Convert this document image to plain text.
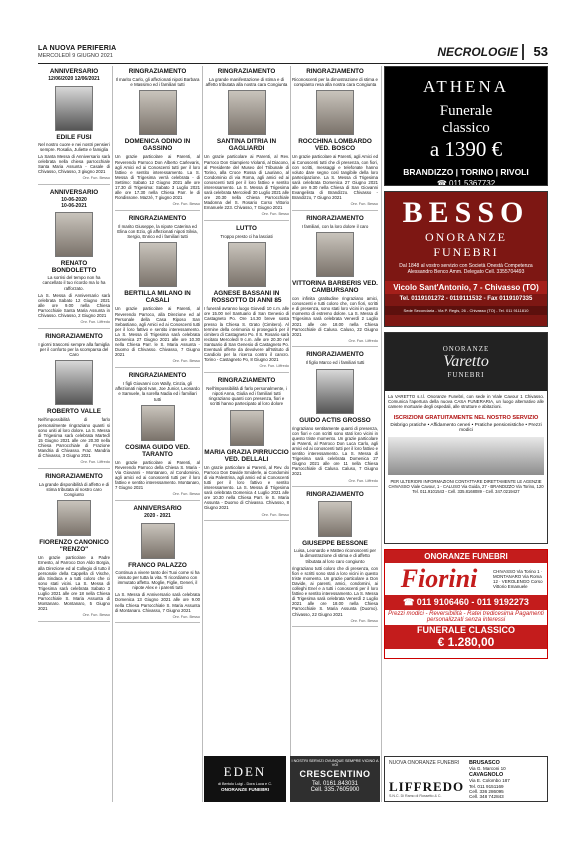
LA NUOVA PERIFERIA
MERCOLEDÌ 9 GIUGNO 2021	NECROLOGIE 53
ANNIVERSARIO
12/06/2020 12/06/2021
EDILE FUSI
Nel nostro cuore e nei nostri pensieri sempre. Rosalia, Juliette e famiglia
La Santa Messa di Anniversario sarà celebrata nella chiesa parrocchiale Santa Maria Assunta - Casale di Chivasso, Chivasso, 3 giugno 2021
Onr. Fun. Besso
ANNIVERSARIO
10-06-2020
10-06-2021
RENATO BONDOLETTO
La sorrisi del tempo non ha cancellato il tuo ricordo ma lo ha rafforzato.
La S. Messa di Anniversario sarà celebrata Sabato 12 Giugno 2021 alle ore 9.00 nella Chiesa Parrocchiale Santa Maria Assunta in Chivasso. Chivasso, 2 Giugno 2021
Onr. Fun. Liffredo
RINGRAZIAMENTO
I giorni trascorsi sempre alla famiglia per il conforto per la scomparsa del Caro
ROBERTO VALLE
Nell'impossibilità di farlo personalmente ringraziano quanti si sono uniti al loro dolore. La S. Messa di Trigesima sarà celebrata Martedì 15 Giugno 2021 alle ore 20.30 nella Chiesa Parrocchiale di Frazione Mandria di Chivasso. Fraz. Mandria di Chivasso, 3 Giugno 2021
Onr. Fun. Liffredo
RINGRAZIAMENTO
La grande disponibilità di affetto e di stima tributata al nostro caro Congiunto
FIORENZO CANONICO "RENZO"
Un grazie particolare a Padre Ernesto, al Parroco Don Aldo Borgia, alla Direzione ed al Collegio di tutto il personale della Cappella di Vische, alla Sindaca e a tutti coloro che ci sono stati vicini. La S. Messa di Trigesima sarà celebrata Sabato 3 Luglio 2021 alle ore 18 nella Chiesa Parrocchiale S. Maria Assunta di Montanaro. Montanaro, 5 Giugno 2021
Onr. Fun. Besso
RINGRAZIAMENTO
Il marito Carlo, gli affezionati nipoti Barbara e Massimo ed i familiari tutti
DOMENICA ODINO IN GASSINO
Un grazie particolare ai Parenti, al Reverendo Parroco Don Alberto Carlevaris, agli Amici ed ai Conoscenti tutti per il loro fattivo e sentito interessamento. La S. Messa di Trigesima verrà celebrata - di Settimo: Sabato 12 Giugno 2021 alle ore 17.30 di Trigesima: Sabato 3 Luglio 2021 alle ore 17.30 nella Chiesa Parr. le di Rondissone. Mazzè, 7 giugno 2021
Onr. Fun. Besso
RINGRAZIAMENTO
Il marito Giuseppe, la nipote Caterina ed Elina con Ezio, gli affezionati nipoti Silvia, Sergio, Enrico ed i familiari tutti
BERTILLA MILANO IN CASALI
Un grazie particolare ai Parenti, al Reverendo Parroco, alla Direzione ed al Personale della Casa Riposo San Sebastiano, agli Amici ed ai Conoscenti tutti per il loro fattivo e sentito interessamento. La S. Messa di Trigesima sarà celebrata Domenica 27 Giugno 2021 alle ore 10.30 nella Chiesa Parr. le S. Maria Assunta - Duomo di Chivasso. Chivasso, 7 Giugno 2021
Onr. Fun. Besso
RINGRAZIAMENTO
I figli Giovanni con Wally, Cinzia, gli affezionati nipoti Ivan, Joe Junior, Leonardo e Samuele, la sorella Nadia ed i familiari tutti
COSIMA GUIDO VED. TARANTO
Un grazie particolare ai Parenti, al Reverendo Parroco della Chiesa S. Maria - Via Giovanni - Montanaro, al Condominio, agli amici ed ai conoscenti tutti per il loro fattivo e sentito interessamento. Montanaro, 7 Giugno 2021
Onr. Fun. Besso
ANNIVERSARIO
2020 - 2021
FRANCO PALAZZO
Continua a vivere tanto dei Tuoi come si ha vissuto per tutta la vita. Ti ricordiamo con immutato affetto. Moglie, Figlie, Generi, il nipote Alex e i parenti tutti
La S. Messa di Anniversario sarà celebrata Domenica 13 Giugno 2021 alle ore 9.00 nella Chiesa Parrocchiale S. Maria Assunta di Montanaro. Chivasso, 7 Giugno 2021
Onr. Fun. Besso
RINGRAZIAMENTO
La grande manifestazione di stima e di affetto tributata alla nostra cara Congiunta
SANTINA DITRIA IN GAGLIARDI
Un grazie particolare ai Parenti, al Rev. Parroco Don Giampiero Violanti, al Diacono, al Presidente del Museo del Tribunale di Torino, alla Croce Rossa di Lauriano, al Condominio di via Roma, agli amici ed ai conoscenti tutti per il loro fattivo e sentito interessamento. La S. Messa di Trigesima sarà celebrata Mercoledì 30 Luglio 2021 alle ore 20.30 nella Chiesa Parrocchiale Madonna del S. Rosario Corso Vittorio Emanuele 223. Chivasso, 7 Giugno 2021
Onr. Fun. Besso
LUTTO
Troppo presto ci ha lasciati
AGNESE BASSANI IN ROSSOTTO DI ANNI 85
I funerali avranno luogo Giovedì 10 c.m. alle ore 15.00 nel Santuario di San Genesio di Castagneto Po. Ore 14.30 breve sosta presso la Chiesa S. Grato (Cimitero). Al termine della cerimonia si proseguirà per il cimitero di Castagneto Po. Il S. Rosario sarà recitato Mercoledì 9 c.m. alle ore 20.30 nel Santuario di San Genesio di Castagneto Po. Eventuali offerte da devolvere all'Istituto di Candiolo per la ricerca contro il cancro. Torino - Castagneto Po, 8 Giugno 2021
Onr. Fun. Liffredo
RINGRAZIAMENTO
Nell'impossibilità di farlo personalmente, i nipoti Anna, Giulia ed i familiari tutti ringraziano quanti con presenza, fiori e scritti hanno partecipato al loro dolore
MARIA GRAZIA PIRRUCCIO VED. DELLALI
Un grazie particolare ai Parenti, al Rev. do Parroco Don Davide Smiderle, ai Condomini di via Palestrina, agli amici ed ai Conoscenti tutti per il loro fattivo e sentito interessamento. La S. Messa di Trigesima sarà celebrata Domenica 4 Luglio 2021 alle ore 10.30 nella Chiesa Parr. le S. Maria Assunta - Duomo di Chivasso. Chivasso, 8 Giugno 2021
Onr. Fun. Besso
RINGRAZIAMENTO
Riconoscenti per la dimostrazione di stima e compianto resa alla nostra cara Congiunta
ROCCHINA LOMBARDO VED. BOSCO
Un grazie particolare ai Parenti, agli Amici ed ai Conoscenti tutti che di presenza, con fiori, con scritti, messaggi e telefonate hanno voluto dare segno così tangibile della loro partecipazione. La S. Messa di Trigesima sarà celebrata Domenica 27 Giugno 2021 alle ore 9.30 nella Chiesa di San Giovanni Evangelista di Brandizzo. Chivasso - Brandizzo, 7 Giugno 2021
Onr. Fun. Besso
RINGRAZIAMENTO
I familiari, con la loro dolore il caro
VITTORINA BARBERIS VED. CAMBURSANO
con infinita gratitudine ringraziano amici, conoscenti e tutti coloro che, con fiori, scritti e di presenza, sono stati loro vicini in questo momento di estremo dolore. La S. Messa di Trigesima sarà celebrata Venerdì 2 Luglio 2021 alle ore 18.00 nella Chiesa Parrocchiale di Caluso. Caluso, 22 Giugno 2021
Onr. Fun. Liffredo
RINGRAZIAMENTO
Il figlio Marco ed i familiari tutti
GUIDO ACTIS GROSSO
ringraziano sentitamente quanti di presenza, con fiori e con scritti sono stati loro vicini in questo triste momento. Un grazie particolare ai Parenti, al Parroco Don Luca Carlo, agli amici ed ai conoscenti tutti per il loro fattivo e sentito interessamento. La S. Messa di Trigesima sarà celebrata Domenica 27 Giugno 2021 alle ore 11 nella Chiesa Parrocchiale di Caluso. Caluso, 7 Giugno 2021
Onr. Fun. Liffredo
RINGRAZIAMENTO
GIUSEPPE BESSONE
Luisa, Leonardo e Matteo riconoscenti per la dimostrazione di stima e di affetto tributata al loro caro congiunto
ringraziano tutti coloro che di presenza, con fiori e scritti sono stati a loro vicini in questo triste momento. Un grazie particolare a Don Davide, ai parenti, amici, condomini, ai colleghi Enel e a tutti i conoscenti per il loro fattivo e sentito interessamento. La S. Messa di Trigesima sarà celebrata Venerdì 2 Luglio 2021 alle ore 18.00 nella Chiesa Parrocchiale S. Maria Assunta (Duomo). Chivasso, 22 Giugno 2021
Onr. Fun. Besso
ATHENA
Funerale
classico
a 1390 €
BRANDIZZO | TORINO | RIVOLI
☎ 011 5367732
BESSO
ONORANZE
FUNEBRI
Dal 1848 al vostro servizio con Società Onestà Competenza
Alessandro Benco Amm. Delegato Cell. 3355704493
Vicolo Sant'Antonio, 7 - Chivasso (TO)
Tel. 0119101272 - 0119111532 - Fax 0119107335
Sede Secondaria - Via P. Regis, 26 - Chivasso (TO) - Tel. 011 9111810
ONORANZE
Varetto
FUNEBRI
La VARETTO s.r.l. Onoranze Funebri, con sede in Viale Cavour 1 Chivasso. Comunica l'apertura della nuova CASA FUNERARIA, un luogo alternativo alle camere mortuarie degli ospedali, alle strutture e abitazioni.
ISCRIZIONI GRATUITAMENTE NEL NOSTRO SERVIZIO
Disbrigo pratiche • Affidamento ceneri • Pratiche pensionistiche • Prezzi modici
PER ULTERIORI INFORMAZIONI CONTATTARE DIRETTAMENTE LE AGENZIE CHIVASSO Viale Cavour, 1 - CALUSO Via Guida, 27 - BRANDIZZO Via Torino, 120 Tel. 011.9101543 - Cell. 335.8168089 - Cell. 347.0219427
ONORANZE FUNEBRI
Fiorini	CHIVASSO Via Torino 1 · MONTANARO Via Roma 12 · VEROLENGO Corso Vittorio Emanuele
☎ 011 9106460 - 011 9192273
Prezzi modici - Reversibilità - Ratei tredicesima Pagamenti personalizzati senza interessi
FUNERALE CLASSICO
€ 1.280,00
EDEN
di Bertolo Luigi - Dora Luca e C.
ONORANZE FUNEBRI
I NOSTRI SERVIZI OVUNQUE SEMPRE VICINO A VOI
CRESCENTINO
Tel. 0161.843031
Cell. 335.7605900
NUOVA ONORANZE FUNEBRI
LIFFREDO
S.N.C. Di Ramo di Rossetto & C.
BRUSASCO
Via G. Marconi 10
CAVAGNOLO
Via E. Colombo 187
Tel. 011 9151169
Cell. 336 286095
Cell. 348 742843
